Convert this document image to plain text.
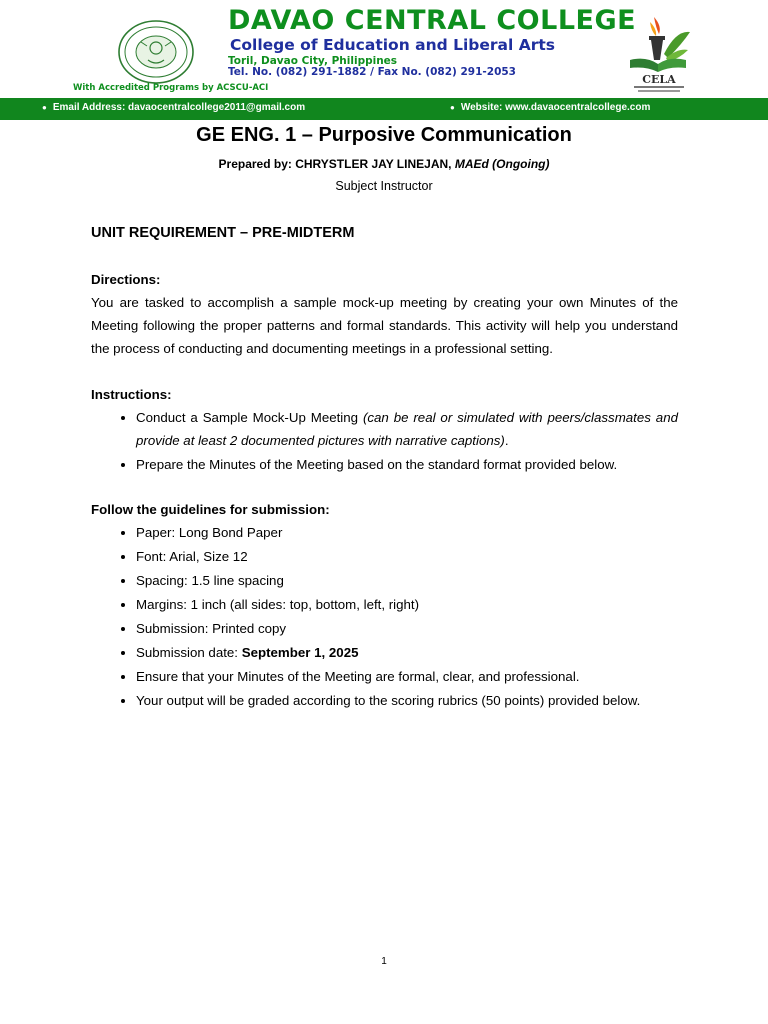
DAVAO CENTRAL COLLEGE
College of Education and Liberal Arts
Toril, Davao City, Philippines
Tel. No. (082) 291-1882 / Fax No. (082) 291-2053
With Accredited Programs by ACSCU-ACI
CELA
● Email Address: davaocentralcollege2011@gmail.com	● Website: www.davaocentralcollege.com
GE ENG. 1 – Purposive Communication
Prepared by: CHRYSTLER JAY LINEJAN, MAEd (Ongoing)
Subject Instructor

UNIT REQUIREMENT – PRE-MIDTERM

Directions:

You are tasked to accomplish a sample mock-up meeting by creating your own Minutes of the Meeting following the proper patterns and formal standards. This activity will help you understand the process of conducting and documenting meetings in a professional setting.

Instructions:

• Conduct a Sample Mock-Up Meeting (can be real or simulated with peers/classmates and provide at least 2 documented pictures with narrative captions).
• Prepare the Minutes of the Meeting based on the standard format provided below.

Follow the guidelines for submission:

• Paper: Long Bond Paper
• Font: Arial, Size 12
• Spacing: 1.5 line spacing
• Margins: 1 inch (all sides: top, bottom, left, right)
• Submission: Printed copy
• Submission date: September 1, 2025
• Ensure that your Minutes of the Meeting are formal, clear, and professional.
• Your output will be graded according to the scoring rubrics (50 points) provided below.
1
